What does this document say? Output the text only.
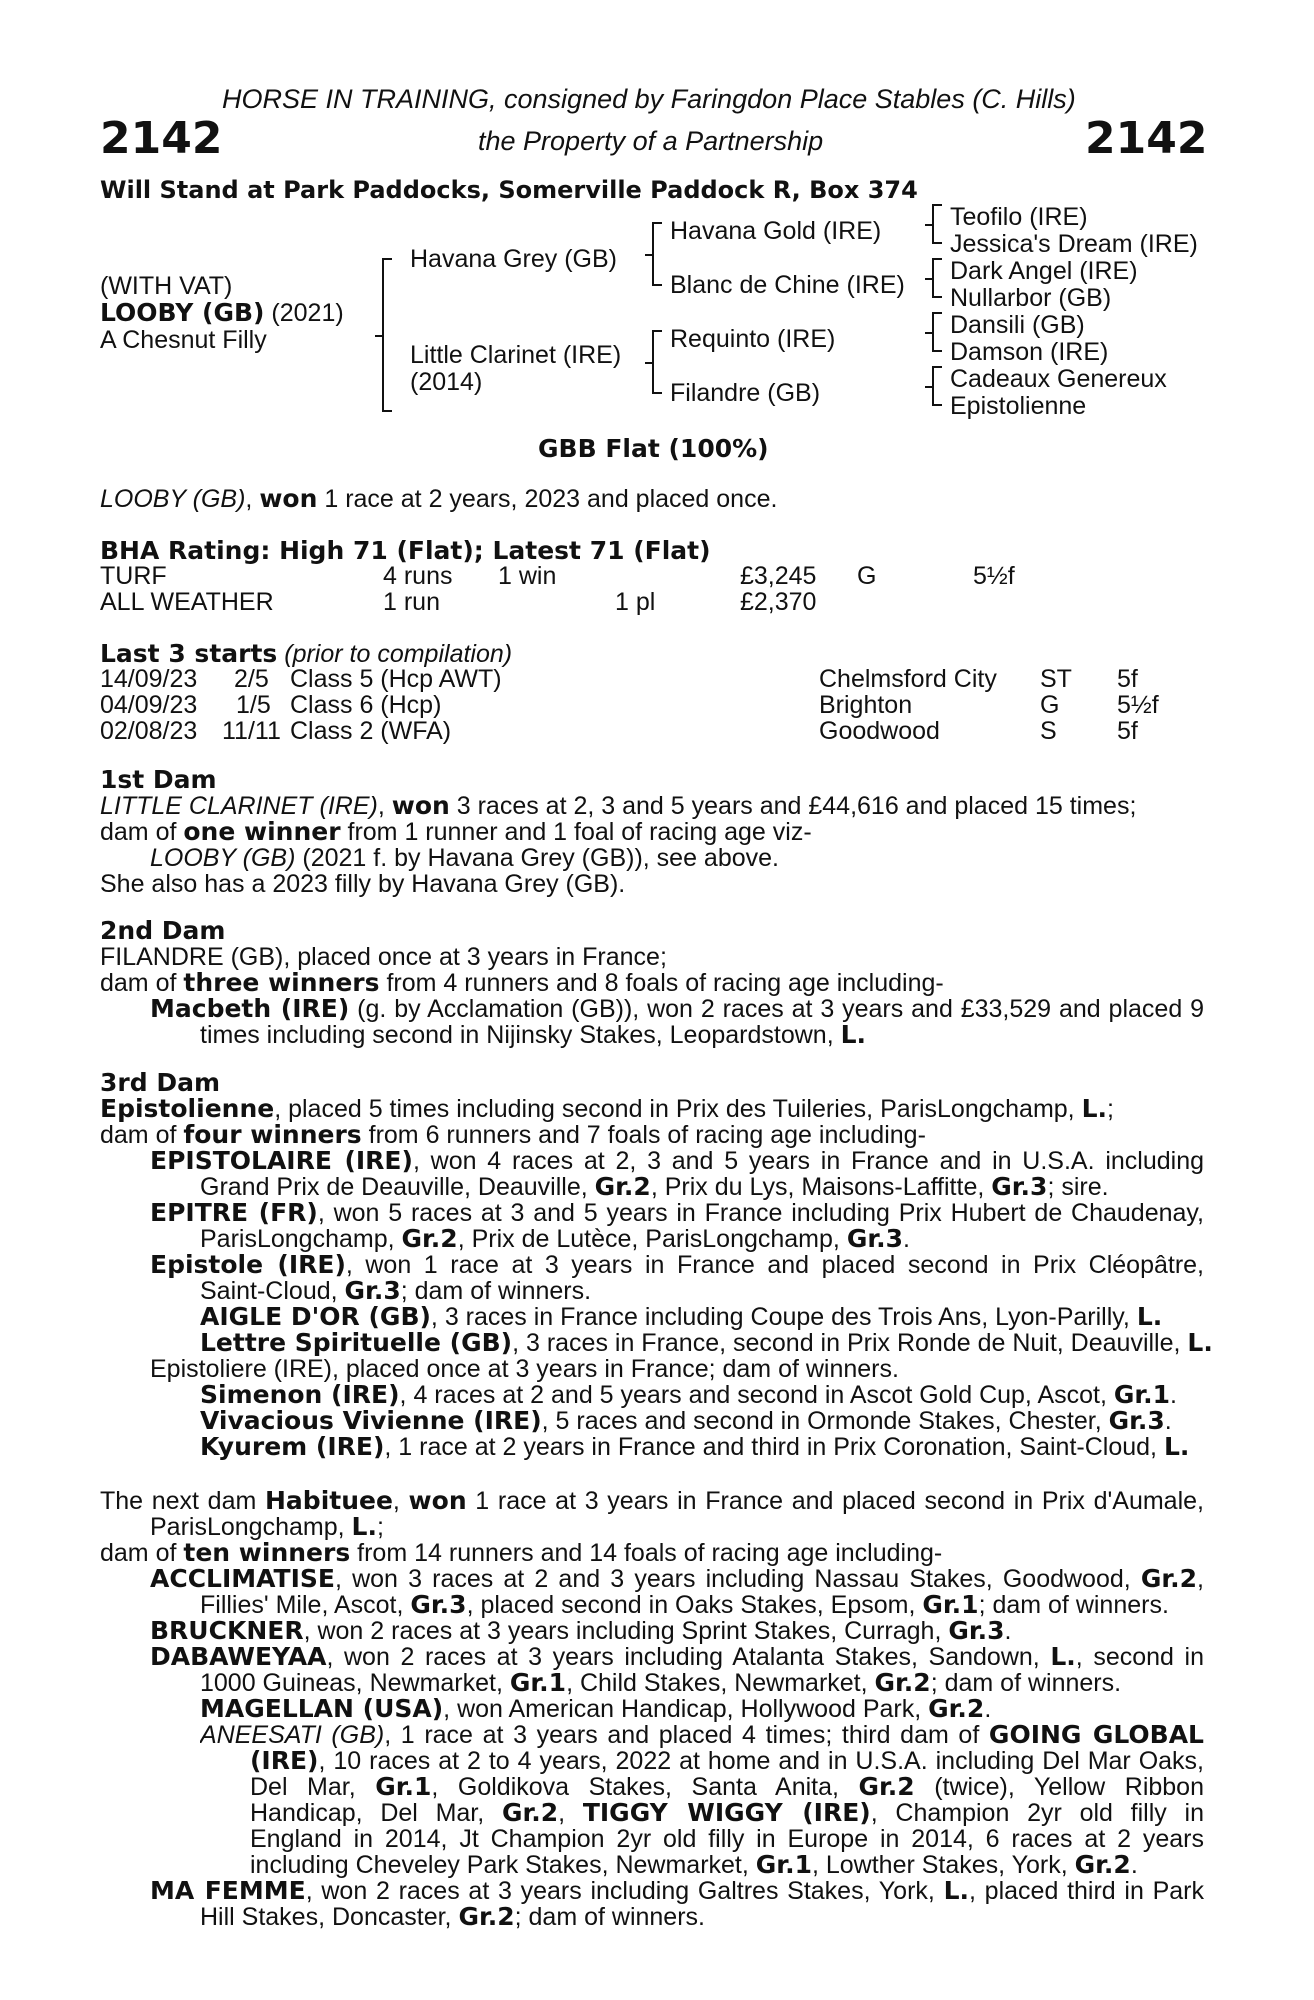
HORSE IN TRAINING, consigned by Faringdon Place Stables (C. Hills)
2142	the Property of a Partnership	2142
Will Stand at Park Paddocks, Somerville Paddock R, Box 374
(WITH VAT)
LOOBY (GB) (2021)
A Chesnut Filly
Havana Grey (GB)
Little Clarinet (IRE)
(2014)
Havana Gold (IRE)
Blanc de Chine (IRE)
Requinto (IRE)
Filandre (GB)
Teofilo (IRE)
Jessica's Dream (IRE)
Dark Angel (IRE)
Nullarbor (GB)
Dansili (GB)
Damson (IRE)
Cadeaux Genereux
Epistolienne
GBB Flat (100%)
LOOBY (GB), won 1 race at 2 years, 2023 and placed once.
BHA Rating: High 71 (Flat); Latest 71 (Flat)
TURF	4 runs 1 win	£3,245 G	5½f
ALL WEATHER	1 run	1 pl	£2,370
Last 3 starts (prior to compilation)
14/09/23 2/5 Class 5 (Hcp AWT)	Chelmsford City ST 5f
04/09/23 1/5 Class 6 (Hcp)	Brighton	G 5½f
02/08/23 11/11 Class 2 (WFA)	Goodwood	S 5f
1st Dam
LITTLE CLARINET (IRE), won 3 races at 2, 3 and 5 years and £44,616 and placed 15 times;
dam of one winner from 1 runner and 1 foal of racing age viz-
LOOBY (GB) (2021 f. by Havana Grey (GB)), see above.
She also has a 2023 filly by Havana Grey (GB).
2nd Dam
FILANDRE (GB), placed once at 3 years in France;
dam of three winners from 4 runners and 8 foals of racing age including-
Macbeth (IRE) (g. by Acclamation (GB)), won 2 races at 3 years and £33,529 and placed 9
times including second in Nijinsky Stakes, Leopardstown, L.
3rd Dam
Epistolienne, placed 5 times including second in Prix des Tuileries, ParisLongchamp, L.;
dam of four winners from 6 runners and 7 foals of racing age including-
EPISTOLAIRE (IRE), won 4 races at 2, 3 and 5 years in France and in U.S.A. including
Grand Prix de Deauville, Deauville, Gr.2, Prix du Lys, Maisons-Laffitte, Gr.3; sire.
EPITRE (FR), won 5 races at 3 and 5 years in France including Prix Hubert de Chaudenay,
ParisLongchamp, Gr.2, Prix de Lutèce, ParisLongchamp, Gr.3.
Epistole (IRE), won 1 race at 3 years in France and placed second in Prix Cléopâtre,
Saint-Cloud, Gr.3; dam of winners.
AIGLE D'OR (GB), 3 races in France including Coupe des Trois Ans, Lyon-Parilly, L.
Lettre Spirituelle (GB), 3 races in France, second in Prix Ronde de Nuit, Deauville, L.
Epistoliere (IRE), placed once at 3 years in France; dam of winners.
Simenon (IRE), 4 races at 2 and 5 years and second in Ascot Gold Cup, Ascot, Gr.1.
Vivacious Vivienne (IRE), 5 races and second in Ormonde Stakes, Chester, Gr.3.
Kyurem (IRE), 1 race at 2 years in France and third in Prix Coronation, Saint-Cloud, L.
The next dam Habituee, won 1 race at 3 years in France and placed second in Prix d'Aumale,
ParisLongchamp, L.;
dam of ten winners from 14 runners and 14 foals of racing age including-
ACCLIMATISE, won 3 races at 2 and 3 years including Nassau Stakes, Goodwood, Gr.2,
Fillies' Mile, Ascot, Gr.3, placed second in Oaks Stakes, Epsom, Gr.1; dam of winners.
BRUCKNER, won 2 races at 3 years including Sprint Stakes, Curragh, Gr.3.
DABAWEYAA, won 2 races at 3 years including Atalanta Stakes, Sandown, L., second in
1000 Guineas, Newmarket, Gr.1, Child Stakes, Newmarket, Gr.2; dam of winners.
MAGELLAN (USA), won American Handicap, Hollywood Park, Gr.2.
ANEESATI (GB), 1 race at 3 years and placed 4 times; third dam of GOING GLOBAL
(IRE), 10 races at 2 to 4 years, 2022 at home and in U.S.A. including Del Mar Oaks,
Del Mar, Gr.1, Goldikova Stakes, Santa Anita, Gr.2 (twice), Yellow Ribbon
Handicap, Del Mar, Gr.2, TIGGY WIGGY (IRE), Champion 2yr old filly in
England in 2014, Jt Champion 2yr old filly in Europe in 2014, 6 races at 2 years
including Cheveley Park Stakes, Newmarket, Gr.1, Lowther Stakes, York, Gr.2.
MA FEMME, won 2 races at 3 years including Galtres Stakes, York, L., placed third in Park
Hill Stakes, Doncaster, Gr.2; dam of winners.
